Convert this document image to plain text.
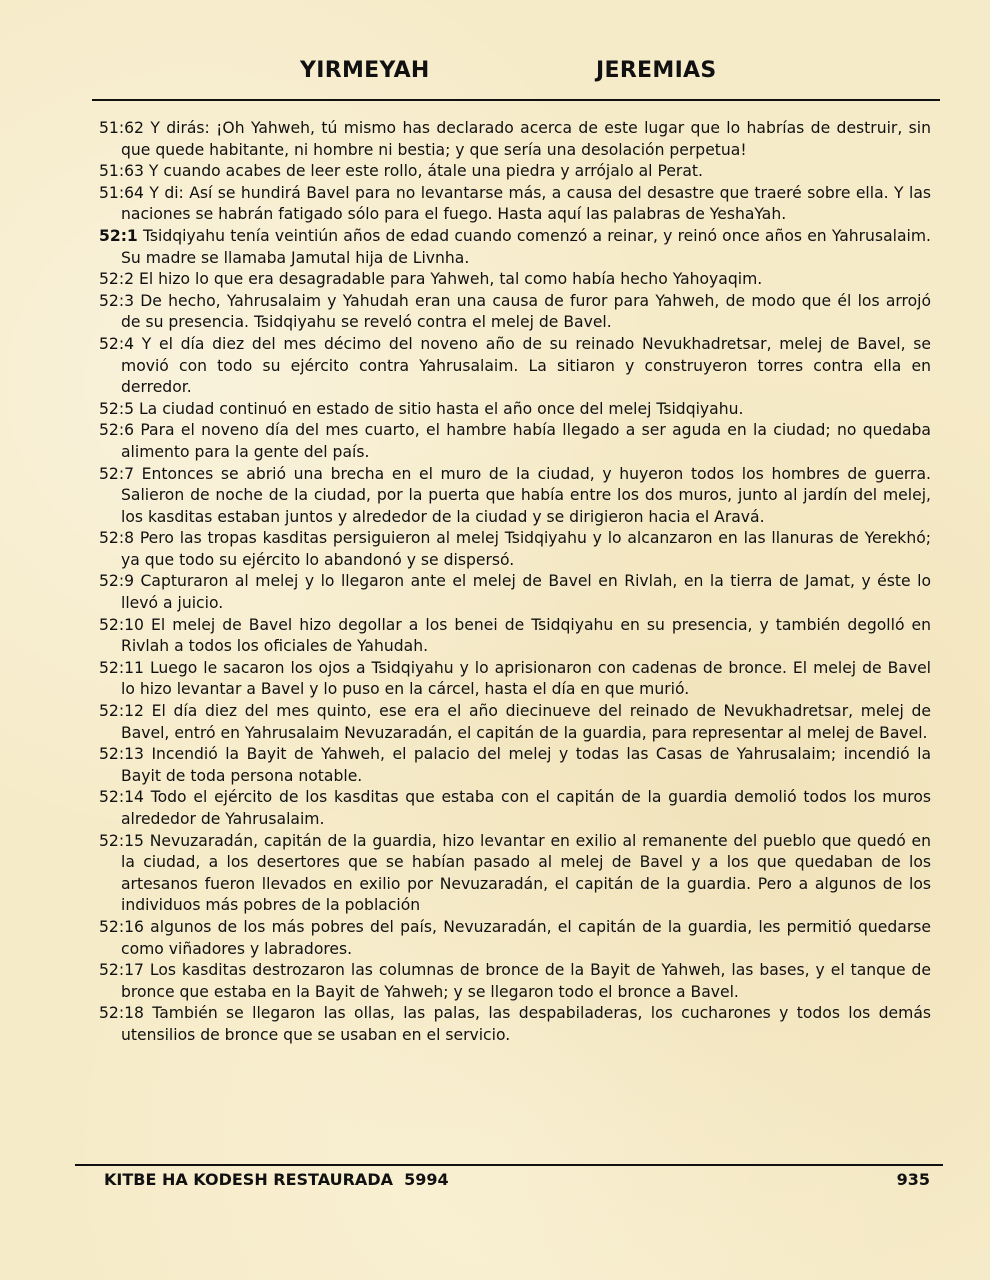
YIRMEYAH	JEREMIAS

51:62 Y dirás: ¡Oh Yahweh, tú mismo has declarado acerca de este lugar que lo habrías de destruir, sin que quede habitante, ni hombre ni bestia; y que sería una desolación perpetua!

51:63 Y cuando acabes de leer este rollo, átale una piedra y arrójalo al Perat.

51:64 Y di: Así se hundirá Bavel para no levantarse más, a causa del desastre que traeré sobre ella. Y las naciones se habrán fatigado sólo para el fuego. Hasta aquí las palabras de YeshaYah.

52:1 Tsidqiyahu tenía veintiún años de edad cuando comenzó a reinar, y reinó once años en Yahrusalaim. Su madre se llamaba Jamutal hija de Livnha.

52:2 El hizo lo que era desagradable para Yahweh, tal como había hecho Yahoyaqim.

52:3 De hecho, Yahrusalaim y Yahudah eran una causa de furor para Yahweh, de modo que él los arrojó de su presencia. Tsidqiyahu se reveló contra el melej de Bavel.

52:4 Y el día diez del mes décimo del noveno año de su reinado Nevukhadretsar, melej de Bavel, se movió con todo su ejército contra Yahrusalaim. La sitiaron y construyeron torres contra ella en derredor.

52:5 La ciudad continuó en estado de sitio hasta el año once del melej Tsidqiyahu.

52:6 Para el noveno día del mes cuarto, el hambre había llegado a ser aguda en la ciudad; no quedaba alimento para la gente del país.

52:7 Entonces se abrió una brecha en el muro de la ciudad, y huyeron todos los hombres de guerra. Salieron de noche de la ciudad, por la puerta que había entre los dos muros, junto al jardín del melej, los kasditas estaban juntos y alrededor de la ciudad y se dirigieron hacia el Aravá.

52:8 Pero las tropas kasditas persiguieron al melej Tsidqiyahu y lo alcanzaron en las llanuras de Yerekhó; ya que todo su ejército lo abandonó y se dispersó.

52:9 Capturaron al melej y lo llegaron ante el melej de Bavel en Rivlah, en la tierra de Jamat, y éste lo llevó a juicio.

52:10 El melej de Bavel hizo degollar a los benei de Tsidqiyahu en su presencia, y también degolló en Rivlah a todos los oficiales de Yahudah.

52:11 Luego le sacaron los ojos a Tsidqiyahu y lo aprisionaron con cadenas de bronce. El melej de Bavel lo hizo levantar a Bavel y lo puso en la cárcel, hasta el día en que murió.

52:12 El día diez del mes quinto, ese era el año diecinueve del reinado de Nevukhadretsar, melej de Bavel, entró en Yahrusalaim Nevuzaradán, el capitán de la guardia, para representar al melej de Bavel.

52:13 Incendió la Bayit de Yahweh, el palacio del melej y todas las Casas de Yahrusalaim; incendió la Bayit de toda persona notable.

52:14 Todo el ejército de los kasditas que estaba con el capitán de la guardia demolió todos los muros alrededor de Yahrusalaim.

52:15 Nevuzaradán, capitán de la guardia, hizo levantar en exilio al remanente del pueblo que quedó en la ciudad, a los desertores que se habían pasado al melej de Bavel y a los que quedaban de los artesanos fueron llevados en exilio por Nevuzaradán, el capitán de la guardia. Pero a algunos de los individuos más pobres de la población

52:16 algunos de los más pobres del país, Nevuzaradán, el capitán de la guardia, les permitió quedarse como viñadores y labradores.

52:17 Los kasditas destrozaron las columnas de bronce de la Bayit de Yahweh, las bases, y el tanque de bronce que estaba en la Bayit de Yahweh; y se llegaron todo el bronce a Bavel.

52:18 También se llegaron las ollas, las palas, las despabiladeras, los cucharones y todos los demás utensilios de bronce que se usaban en el servicio.

KITBE HA KODESH RESTAURADA  5994	935
